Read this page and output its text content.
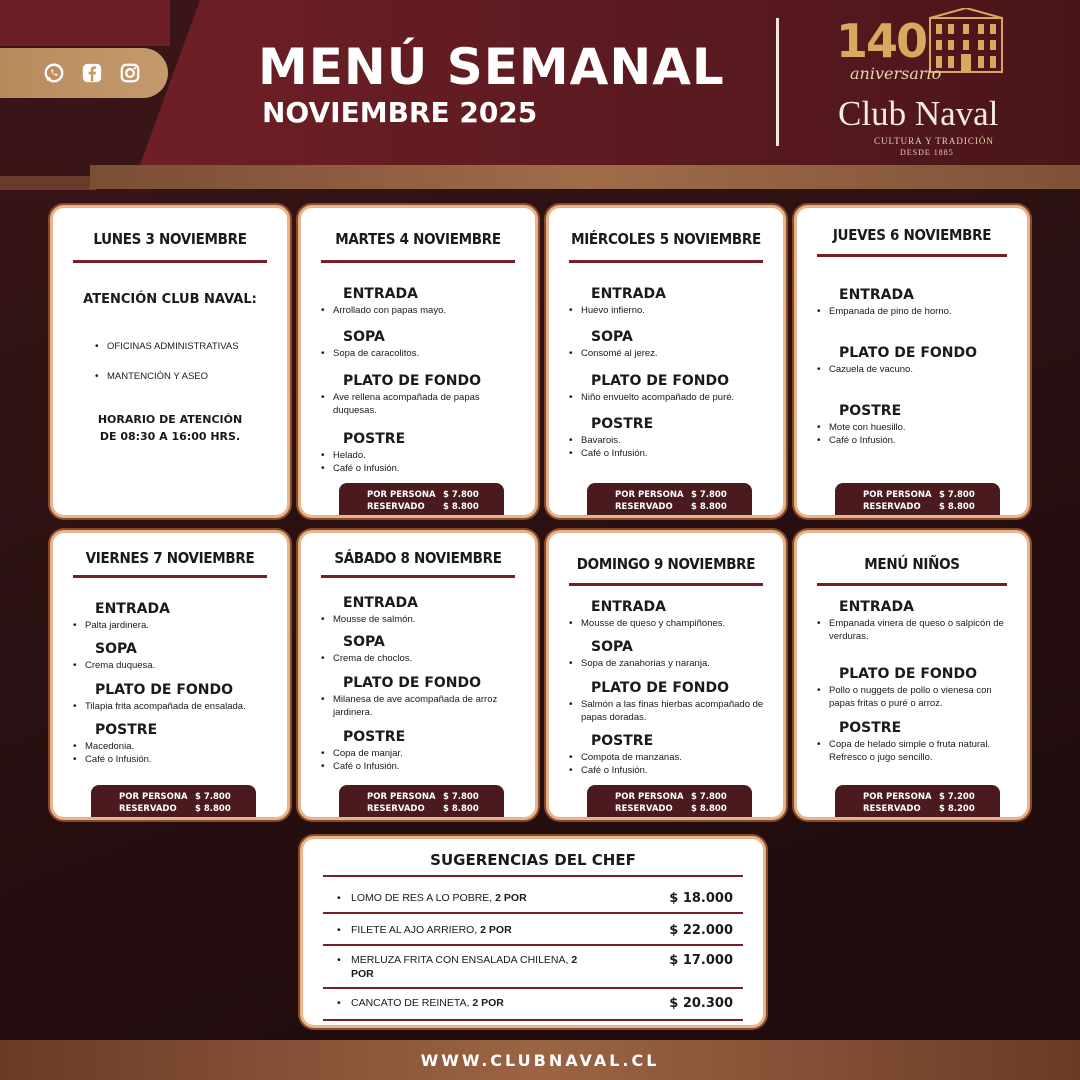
MENÚ SEMANAL
NOVIEMBRE 2025
140
aniversario
Club Naval
CULTURA Y TRADICIÓN
DESDE 1885
LUNES 3 NOVIEMBRE
ATENCIÓN CLUB NAVAL:
• OFICINAS ADMINISTRATIVAS
• MANTENCIÓN Y ASEO
HORARIO DE ATENCIÓN
DE 08:30 A 16:00 HRS.
MARTES 4 NOVIEMBRE
ENTRADA
• Arrollado con papas mayo.
SOPA
• Sopa de caracolitos.
PLATO DE FONDO
• Ave rellena acompañada de papas duquesas.
POSTRE
• Helado.
• Café o Infusión.
POR PERSONA $ 7.800
RESERVADO	$ 8.800
MIÉRCOLES 5 NOVIEMBRE
ENTRADA
• Huevo infierno.
SOPA
• Consomé al jerez.
PLATO DE FONDO
• Niño envuelto acompañado de puré.
POSTRE
• Bavarois.
• Café o Infusión.
POR PERSONA $ 7.800
RESERVADO	$ 8.800
JUEVES 6 NOVIEMBRE
ENTRADA
• Empanada de pino de horno.
PLATO DE FONDO
• Cazuela de vacuno.
POSTRE
• Mote con huesillo.
• Café o Infusión.
POR PERSONA $ 7.800
RESERVADO	$ 8.800
VIERNES 7 NOVIEMBRE
ENTRADA
• Palta jardinera.
SOPA
• Crema duquesa.
PLATO DE FONDO
• Tilapia frita acompañada de ensalada.
POSTRE
• Macedonia.
• Café o Infusión.
POR PERSONA $ 7.800
RESERVADO	$ 8.800
SÁBADO 8 NOVIEMBRE
ENTRADA
• Mousse de salmón.
SOPA
• Crema de choclos.
PLATO DE FONDO
• Milanesa de ave acompañada de arroz jardinera.
POSTRE
• Copa de manjar.
• Café o Infusión.
POR PERSONA $ 7.800
RESERVADO	$ 8.800
DOMINGO 9 NOVIEMBRE
ENTRADA
• Mousse de queso y champiñones.
SOPA
• Sopa de zanahorias y naranja.
PLATO DE FONDO
• Salmón a las finas hierbas acompañado de papas doradas.
POSTRE
• Compota de manzanas.
• Café o Infusión.
POR PERSONA $ 7.800
RESERVADO	$ 8.800
MENÚ NIÑOS
ENTRADA
• Empanada vinera de queso o salpicón de verduras.
PLATO DE FONDO
• Pollo o nuggets de pollo o vienesa con papas fritas o puré o arroz.
POSTRE
• Copa de helado simple o fruta natural. Refresco o jugo sencillo.
POR PERSONA $ 7.200
RESERVADO	$ 8.200
SUGERENCIAS DEL CHEF
• LOMO DE RES A LO POBRE, 2 POR	$ 18.000
• FILETE AL AJO ARRIERO, 2 POR	$ 22.000
• MERLUZA FRITA CON ENSALADA CHILENA, 2 POR
$ 17.000
• CANCATO DE REINETA, 2 POR	$ 20.300
WWW.CLUBNAVAL.CL
